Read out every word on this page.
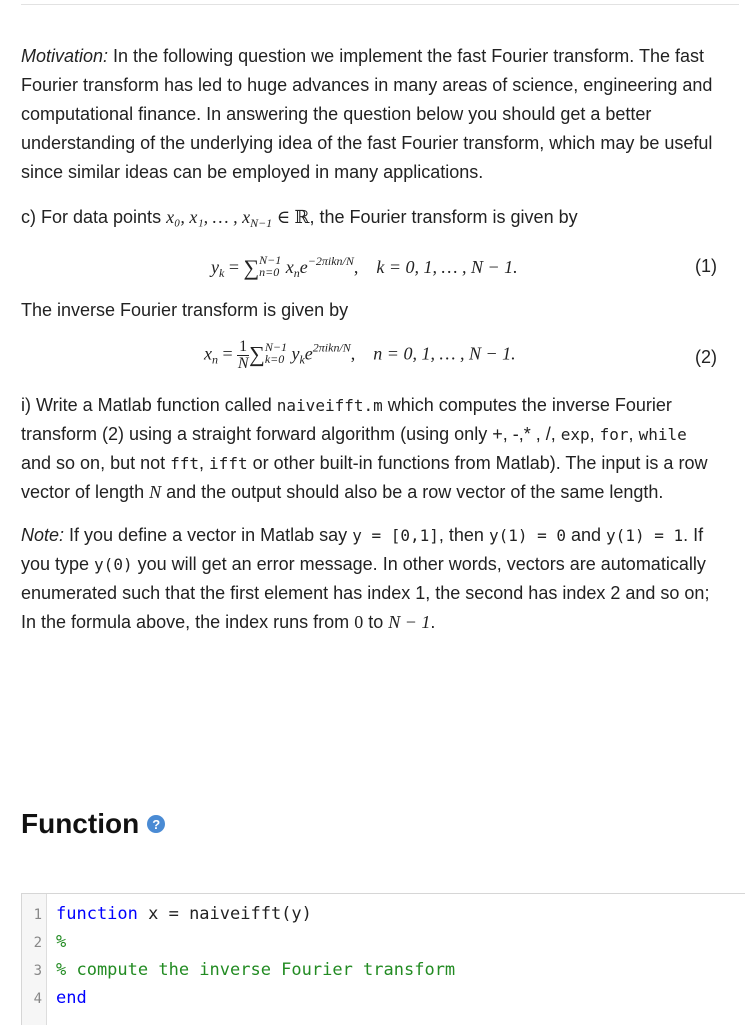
Motivation: In the following question we implement the fast Fourier transform. The fast Fourier transform has led to huge advances in many areas of science, engineering and computational finance. In answering the question below you should get a better understanding of the underlying idea of the fast Fourier transform, which may be useful since similar ideas can be employed in many applications.

c) For data points x₀, x₁, … , $x_{N-1}$ ∈ ℝ, the Fourier transform is given by

$y_k = \sum N-1$
n=0 $x_ne^{-2\pi ikn/N}$,    k = 0, 1, … , N − 1.	(1)

The inverse Fourier transform is given by

$x_n = \frac{1}{N} \sum N-1$
k=0 $y_ke^{2\pi ikn/N}$,    n = 0, 1, … , N − 1.	(2)

i) Write a Matlab function called naiveifft.m which computes the inverse Fourier transform (2) using a straight forward algorithm (using only +, -,* , /, exp, for, while and so on, but not fft, ifft or other built-in functions from Matlab). The input is a row vector of length N and the output should also be a row vector of the same length.

Note: If you define a vector in Matlab say y = [0,1], then y(1) = 0 and y(1) = 1. If you type y(0) you will get an error message. In other words, vectors are automatically enumerated such that the first element has index 1, the second has index 2 and so on; In the formula above, the index runs from 0 to N − 1.

Function	?
1 function x = naiveifft(y)
2 %
3 % compute the inverse Fourier transform
4 end
